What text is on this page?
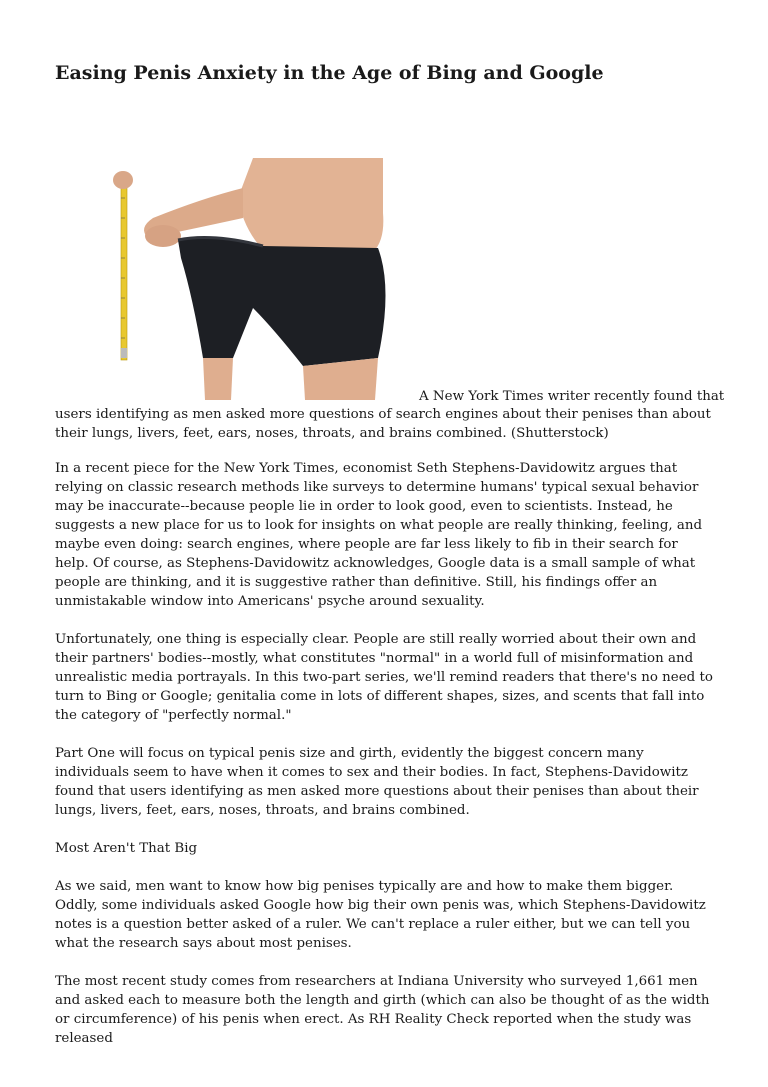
Easing Penis Anxiety in the Age of Bing and Google
A New York Times writer recently found that
users identifying as men asked more questions of search engines about their penises than about their lungs, livers, feet, ears, noses, throats, and brains combined. (Shutterstock)

In a recent piece for the New York Times, economist Seth Stephens-Davidowitz argues that relying on classic research methods like surveys to determine humans' typical sexual behavior may be inaccurate--because people lie in order to look good, even to scientists. Instead, he suggests a new place for us to look for insights on what people are really thinking, feeling, and maybe even doing: search engines, where people are far less likely to fib in their search for help. Of course, as Stephens-Davidowitz acknowledges, Google data is a small sample of what people are thinking, and it is suggestive rather than definitive. Still, his findings offer an unmistakable window into Americans' psyche around sexuality.

Unfortunately, one thing is especially clear. People are still really worried about their own and their partners' bodies--mostly, what constitutes "normal" in a world full of misinformation and unrealistic media portrayals. In this two-part series, we'll remind readers that there's no need to turn to Bing or Google; genitalia come in lots of different shapes, sizes, and scents that fall into the category of "perfectly normal."

Part One will focus on typical penis size and girth, evidently the biggest concern many individuals seem to have when it comes to sex and their bodies. In fact, Stephens-Davidowitz found that users identifying as men asked more questions about their penises than about their lungs, livers, feet, ears, noses, throats, and brains combined.

Most Aren't That Big

As we said, men want to know how big penises typically are and how to make them bigger. Oddly, some individuals asked Google how big their own penis was, which Stephens-Davidowitz notes is a question better asked of a ruler. We can't replace a ruler either, but we can tell you what the research says about most penises.

The most recent study comes from researchers at Indiana University who surveyed 1,661 men and asked each to measure both the length and girth (which can also be thought of as the width or circumference) of his penis when erect. As RH Reality Check reported when the study was released
